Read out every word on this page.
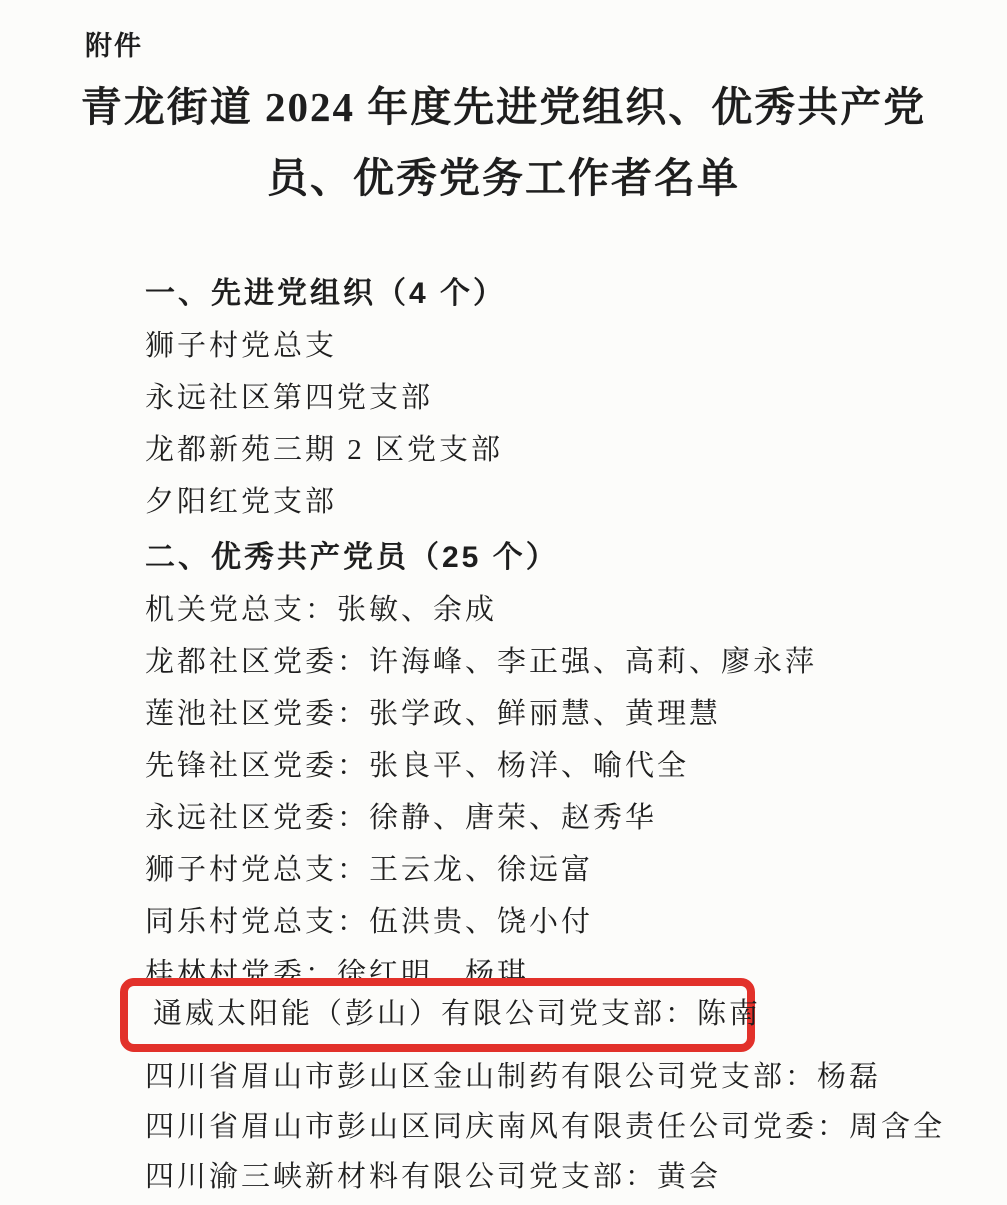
附件
青龙街道 2024 年度先进党组织、优秀共产党
员、优秀党务工作者名单
一、先进党组织（4 个）
狮子村党总支
永远社区第四党支部
龙都新苑三期 2 区党支部
夕阳红党支部
二、优秀共产党员（25 个）
机关党总支：张敏、余成
龙都社区党委：许海峰、李正强、高莉、廖永萍
莲池社区党委：张学政、鲜丽慧、黄理慧
先锋社区党委：张良平、杨洋、喻代全
永远社区党委：徐静、唐荣、赵秀华
狮子村党总支：王云龙、徐远富
同乐村党总支：伍洪贵、饶小付
桂林村党委：徐红明、杨琪
通威太阳能（彭山）有限公司党支部：陈南
四川省眉山市彭山区金山制药有限公司党支部：杨磊
四川省眉山市彭山区同庆南风有限责任公司党委：周含全
四川渝三峡新材料有限公司党支部：黄会
